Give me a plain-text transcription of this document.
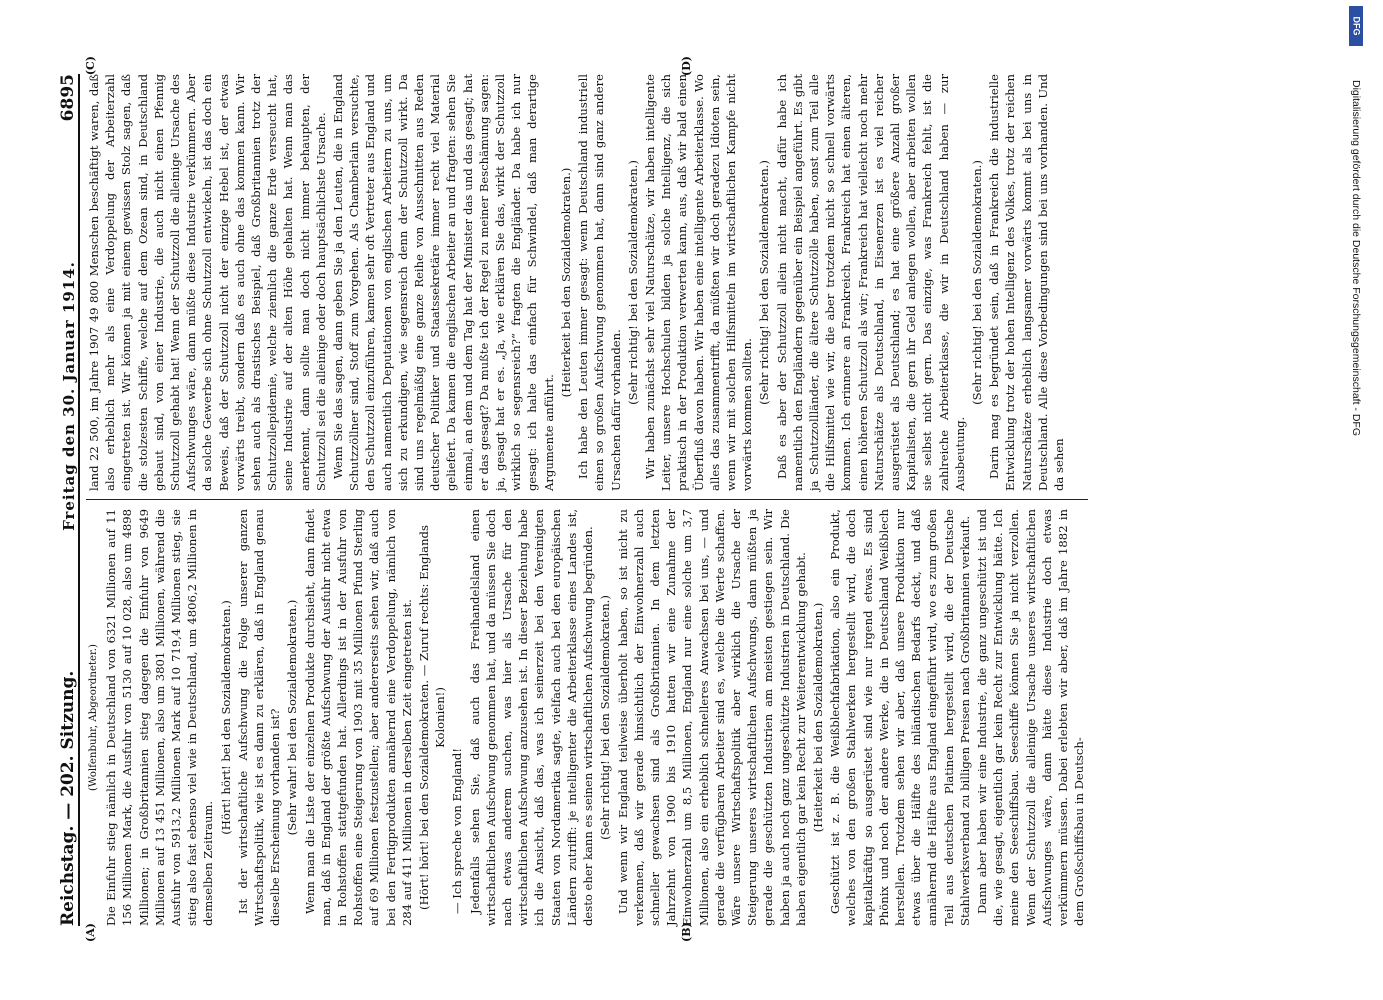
Reichstag. — 202. Sitzung.
Freitag den 30. Januar 1914.
6895

(Wolfenbuhr, Abgeordneter.) Die Einfuhr stieg nämlich in Deutschland von 6321 Millionen auf 11 156 Millionen Mark, die Ausfuhr von 5130 auf 10 028, also um 4898 Millionen; in Großbritannien stieg dagegen die Einfuhr von 9649 Millionen auf 13 451 Millionen, also um 3801 Millionen, während die Ausfuhr von 5913,2 Millionen Mark auf 10 719,4 Millionen stieg, sie stieg also fast ebenso viel wie in Deutschland, um 4806,2 Millionen in demselben Zeitraum.

(Hört! hört! bei den Sozialdemokraten.) Ist der wirtschaftliche Aufschwung die Folge unserer ganzen Wirtschaftspolitik, wie ist es dann zu erklären, daß in England genau dieselbe Erscheinung vorhanden ist? (Sehr wahr! bei den Sozialdemokraten.) Wenn man die Liste der einzelnen Produkte durchsieht, dann findet man, daß in England der größte Aufschwung der Ausfuhr nicht etwa in Rohstoffen stattgefunden hat. Allerdings ist in der Ausfuhr von Rohstoffen eine Steigerung von 1903 mit 35 Millionen Pfund Sterling auf 69 Millionen festzustellen; aber andererseits sehen wir, daß auch bei den Fertigprodukten annähernd eine Verdoppelung, nämlich von 284 auf 411 Millionen in derselben Zeit eingetreten ist. (Hört! hört! bei den Sozialdemokraten. — Zuruf rechts: Englands Kolonien!)

— Ich spreche von England! Jedenfalls sehen Sie, daß auch das Freihandelsland einen wirtschaftlichen Aufschwung genommen hat, und da müssen Sie doch nach etwas anderem suchen, was hier als Ursache für den wirtschaftlichen Aufschwung anzusehen ist. In dieser Beziehung habe ich die Ansicht, daß das, was ich seinerzeit bei den Vereinigten Staaten von Nordamerika sagte, vielfach auch bei den europäischen Ländern zutrifft: je intelligenter die Arbeiterklasse eines Landes ist, desto eher kann es seinen wirtschaftlichen Aufschwung begründen. (Sehr richtig! bei den Sozialdemokraten.) Und wenn wir England teilweise überholt haben, so ist nicht zu verkennen, daß wir gerade hinsichtlich der Einwohnerzahl auch schneller gewachsen sind als Großbritannien. In dem letzten Jahrzehnt von 1900 bis 1910 hatten wir eine Zunahme der Einwohnerzahl um 8,5 Millionen, England nur eine solche um 3,7 Millionen, also ein erheblich schnelleres Anwachsen bei uns, — und gerade die verfügbaren Arbeiter sind es, welche die Werte schaffen. Wäre unsere Wirtschaftspolitik aber wirklich die Ursache der Steigerung unseres wirtschaftlichen Aufschwungs, dann müßten ja gerade die geschützten Industrien am meisten gestiegen sein. Wir haben ja auch noch ganz ungeschützte Industrien in Deutschland. Die haben eigentlich gar kein Recht zur Weiterentwicklung gehabt. (Heiterkeit bei den Sozialdemokraten.) Geschützt ist z. B. die Weißblechfabrikation, also ein Produkt, welches von den großen Stahlwerken hergestellt wird, die doch kapitalkräftig so ausgerüstet sind wie nur irgend etwas. Es sind Phönix und noch der andere Werke, die in Deutschland Weißblech herstellen. Trotzdem sehen wir aber, daß unsere Produktion nur etwas über die Hälfte des inländischen Bedarfs deckt, und daß annähernd die Hälfte aus England eingeführt wird, wo es zum großen Teil aus deutschen Platinen hergestellt wird, die der Deutsche Stahlwerksverband zu billigen Preisen nach Großbritannien verkauft. Dann aber haben wir eine Industrie, die ganz ungeschützt ist und die, wie gesagt, eigentlich gar kein Recht zur Entwicklung hätte. Ich meine den Seeschiffsbau. Seeschiffe können Sie ja nicht verzollen. Wenn der Schutzzoll die alleinige Ursache unseres wirtschaftlichen Aufschwunges wäre, dann hätte diese Industrie doch etwas verkümmern müssen. Dabei erlebten wir aber, daß im Jahre 1882 in dem Großschiffsbau in Deutsch-

land 22 500, im Jahre 1907 49 800 Menschen beschäftigt waren, daß also erheblich mehr als eine Verdoppelung der Arbeiterzahl eingetreten ist. Wir können ja mit einem gewissen Stolz sagen, daß die stolzesten Schiffe, welche auf dem Ozean sind, in Deutschland gebaut sind, von einer Industrie, die auch nicht einen Pfennig Schutzzoll gehabt hat! Wenn der Schutzzoll die alleinige Ursache des Aufschwunges wäre, dann müßte diese Industrie verkümmern. Aber da solche Gewerbe sich ohne Schutzzoll entwickeln, ist das doch ein Beweis, daß der Schutzzoll nicht der einzige Hebel ist, der etwas vorwärts treibt, sondern daß es auch ohne das kommen kann. Wir sehen auch als drastisches Beispiel, daß Großbritannien trotz der Schutzzollepidemie, welche ziemlich die ganze Erde verseucht hat, seine Industrie auf der alten Höhe gehalten hat. Wenn man das anerkennt, dann sollte man doch nicht immer behaupten, der Schutzzoll sei die alleinige oder doch hauptsächlichste Ursache. Wenn Sie das sagen, dann geben Sie ja den Leuten, die in England Schutzzöllner sind, Stoff zum Vorgehen. Als Chamberlain versuchte, den Schutzzoll einzuführen, kamen sehr oft Vertreter aus England und auch namentlich Deputationen von englischen Arbeitern zu uns, um sich zu erkundigen, wie segensreich denn der Schutzzoll wirkt. Da sind uns regelmäßig eine ganze Reihe von Ausschnitten aus Reden deutscher Politiker und Staatssekretäre immer recht viel Material geliefert. Da kamen die englischen Arbeiter an und fragten: sehen Sie einmal, an dem und dem Tag hat der Minister das und das gesagt; hat er das gesagt? Da mußte ich der Regel zu meiner Beschämung sagen: ja, gesagt hat er es. „Ja, wie erklären Sie das, wirkt der Schutzzoll wirklich so segensreich?“ fragten die Engländer. Da habe ich nur gesagt: ich halte das einfach für Schwindel, daß man derartige Argumente anführt.

(Heiterkeit bei den Sozialdemokraten.) Ich habe den Leuten immer gesagt: wenn Deutschland industriell einen so großen Aufschwung genommen hat, dann sind ganz andere Ursachen dafür vorhanden.

(Sehr richtig! bei den Sozialdemokraten.) Wir haben zunächst sehr viel Naturschätze, wir haben intelligente Leiter, unsere Hochschulen bilden ja solche Intelligenz, die sich praktisch in der Produktion verwerten kann, aus, daß wir bald einen Überfluß davon haben. Wir haben eine intelligente Arbeiterklasse. Wo alles das zusammentrifft, da müßten wir doch geradezu Idioten sein, wenn wir mit solchen Hilfsmitteln im wirtschaftlichen Kampfe nicht vorwärts kommen sollten.

(Sehr richtig! bei den Sozialdemokraten.) Daß es aber der Schutzzoll allein nicht macht, dafür habe ich namentlich den Engländern gegenüber ein Beispiel angeführt. Es gibt ja Schutzzollländer, die ältere Schutzzölle haben, sonst zum Teil alle die Hilfsmittel wie wir, die aber trotzdem nicht so schnell vorwärts kommen. Ich erinnere an Frankreich. Frankreich hat einen älteren, einen höheren Schutzzoll als wir; Frankreich hat vielleicht noch mehr Naturschätze als Deutschland, in Eisenerzen ist es viel reicher ausgerüstet als Deutschland; es hat eine größere Anzahl großer Kapitalisten, die gern ihr Geld anlegen wollen, aber arbeiten wollen sie selbst nicht gern. Das einzige, was Frankreich fehlt, ist die zahlreiche Arbeiterklasse, die wir in Deutschland haben — zur Ausbeutung.

(Sehr richtig! bei den Sozialdemokraten.) Darin mag es begründet sein, daß in Frankreich die industrielle Entwicklung trotz der hohen Intelligenz des Volkes, trotz der reichen Naturschätze erheblich langsamer vorwärts kommt als bei uns in Deutschland. Alle diese Vorbedingungen sind bei uns vorhanden. Und da sehen

(A)	(B)
(C)	(D)
DFG
Digitalisierung gefördert durch die Deutsche Forschungsgemeinschaft - DFG
